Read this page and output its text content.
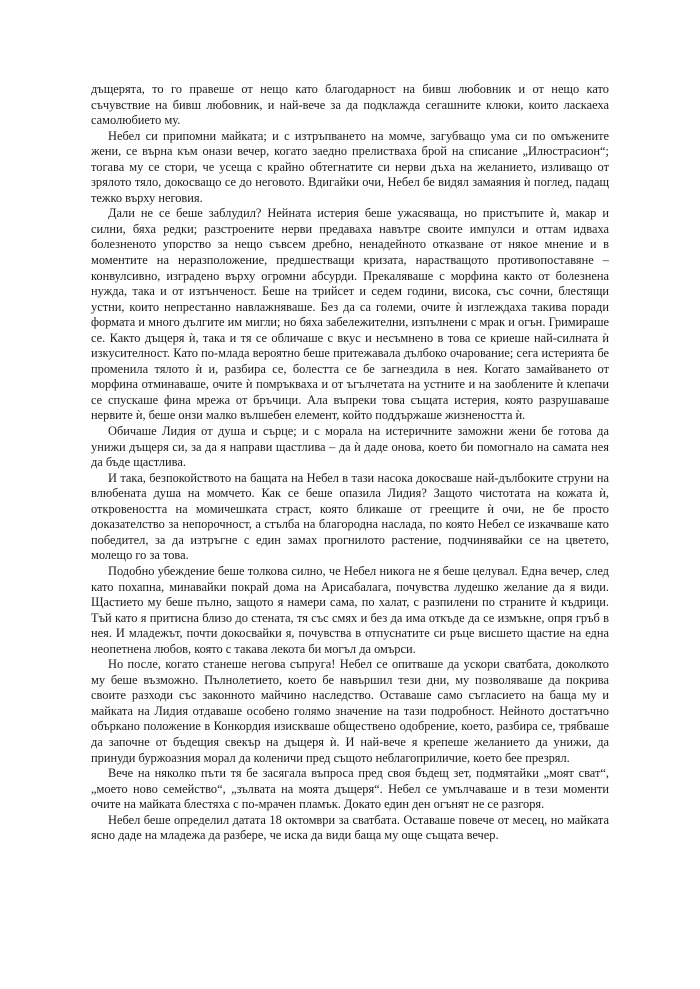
дъщерята, то го правеше от нещо като благодарност на бивш любовник и от нещо като съчувствие на бивш любовник, и най-вече за да подклажда сегашните клюки, които ласкаеха самолюбието му.

Небел си припомни майката; и с изтръпването на момче, загубващо ума си по омъжените жени, се върна към онази вечер, когато заедно прелистваха брой на списание „Илюстрасион“; тогава му се стори, че усеща с крайно обтегнатите си нерви дъха на желанието, изливащо от зрялото тяло, докосващо се до неговото. Вдигайки очи, Небел бе видял замаяния ѝ поглед, падащ тежко върху неговия.

Дали не се беше заблудил? Нейната истерия беше ужасяваща, но пристъпите ѝ, макар и силни, бяха редки; разстроените нерви предаваха навътре своите импулси и оттам идваха болезненото упорство за нещо съвсем дребно, ненадейното отказване от някое мнение и в моментите на неразположение, предшестващи кризата, нарастващото противопоставяне – конвулсивно, изградено върху огромни абсурди. Прекаляваше с морфина както от болезнена нужда, така и от изтънченост. Беше на трийсет и седем години, висока, със сочни, блестящи устни, които непрестанно навлажняваше. Без да са големи, очите ѝ изглеждаха такива поради формата и много дългите им мигли; но бяха забележителни, изпълнени с мрак и огън. Гримираше се. Както дъщеря ѝ, така и тя се обличаше с вкус и несъмнено в това се криеше най-силната ѝ изкусителност. Като по-млада вероятно беше притежавала дълбоко очарование; сега истерията бе променила тялото ѝ и, разбира се, болестта се бе загнездила в нея. Когато замайването от морфина отминаваше, очите ѝ помръкваха и от ъгълчетата на устните и на заоблените ѝ клепачи се спускаше фина мрежа от бръчици. Ала въпреки това същата истерия, която разрушаваше нервите ѝ, беше онзи малко вълшебен елемент, който поддържаше жизнеността ѝ.

Обичаше Лидия от душа и сърце; и с морала на истеричните заможни жени бе готова да унижи дъщеря си, за да я направи щастлива – да ѝ даде онова, което би помогнало на самата нея да бъде щастлива.

И така, безпокойството на бащата на Небел в тази насока докосваше най-дълбоките струни на влюбената душа на момчето. Как се беше опазила Лидия? Защото чистотата на кожата ѝ, откровеността на момичешката страст, която бликаше от греещите ѝ очи, не бе просто доказателство за непорочност, а стълба на благородна наслада, по която Небел се изкачваше като победител, за да изтръгне с един замах прогнилото растение, подчинявайки се на цветето, молещо го за това.

Подобно убеждение беше толкова силно, че Небел никога не я беше целувал. Една вечер, след като похапна, минавайки покрай дома на Арисабалага, почувства лудешко желание да я види. Щастието му беше пълно, защото я намери сама, по халат, с разпилени по страните ѝ къдрици. Тъй като я притисна близо до стената, тя със смях и без да има откъде да се измъкне, опря гръб в нея. И младежът, почти докосвайки я, почувства в отпуснатите си ръце висшето щастие на една неопетнена любов, която с такава лекота би могъл да омърси.

Но после, когато станеше негова съпруга! Небел се опитваше да ускори сватбата, доколкото му беше възможно. Пълнолетието, което бе навършил тези дни, му позволяваше да покрива своите разходи със законното майчино наследство. Оставаше само съгласието на баща му и майката на Лидия отдаваше особено голямо значение на тази подробност. Нейното достатъчно объркано положение в Конкордия изискваше обществено одобрение, което, разбира се, трябваше да започне от бъдещия свекър на дъщеря ѝ. И най-вече я крепеше желанието да унижи, да принуди буржоазния морал да коленичи пред същото неблагоприличие, което бее презрял.

Вече на няколко пъти тя бе засягала въпроса пред своя бъдещ зет, подмятайки „моят сват“, „моето ново семейство“, „зълвата на моята дъщеря“. Небел се умълчаваше и в тези моменти очите на майката блестяха с по-мрачен пламък. Докато един ден огънят не се разгоря.

Небел беше определил датата 18 октомври за сватбата. Оставаше повече от месец, но майката ясно даде на младежа да разбере, че иска да види баща му още същата вечер.
